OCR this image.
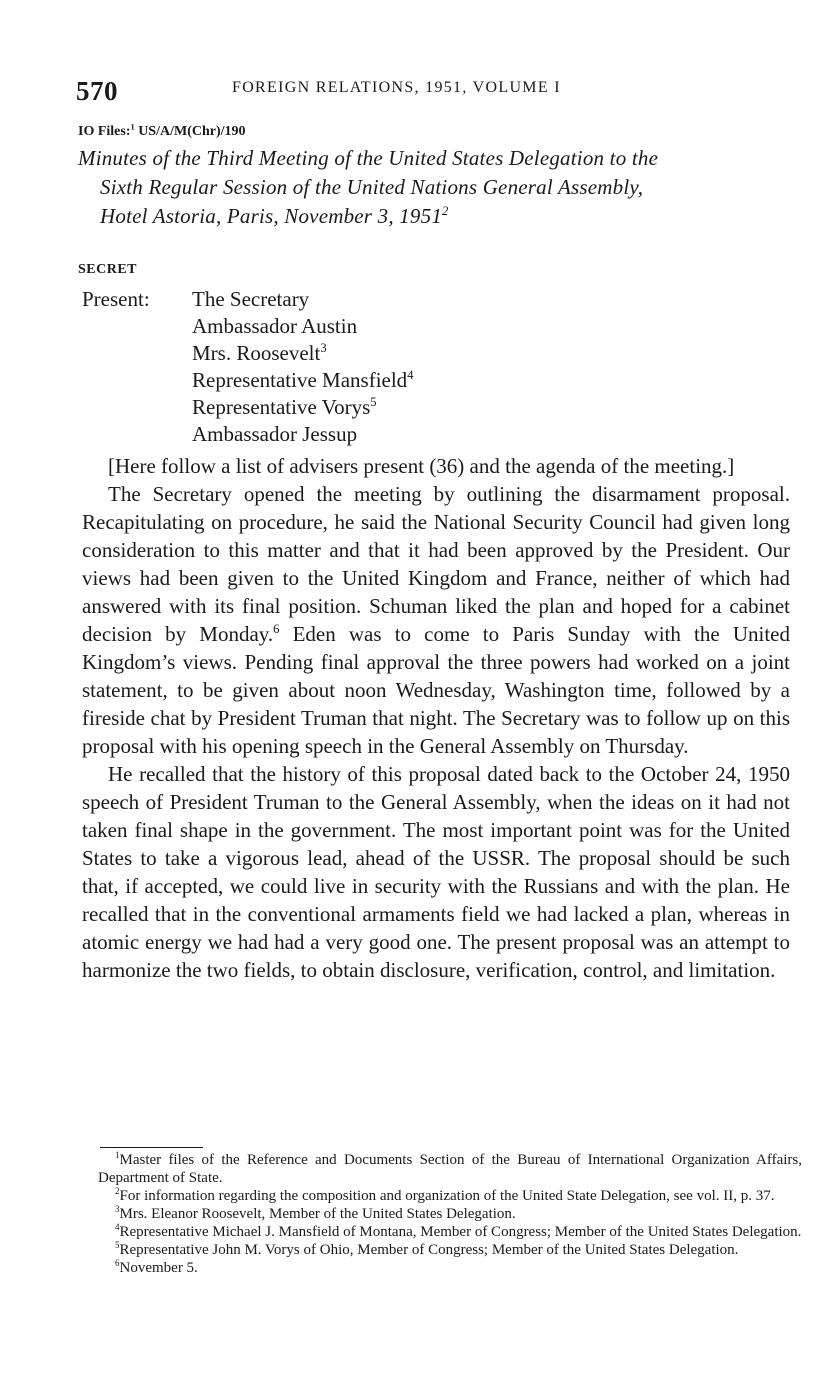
570	FOREIGN RELATIONS, 1951, VOLUME I
IO Files:$^1$ US/A/M(Chr)/190
Minutes of the Third Meeting of the United States Delegation to the
Sixth Regular Session of the United Nations General Assembly,
Hotel Astoria, Paris, November 3, 1951$^2$
SECRET
Present: The Secretary
Ambassador Austin
Mrs. Roosevelt$^3$
Representative Mansfield$^4$
Representative Vorys$^5$
Ambassador Jessup

[Here follow a list of advisers present (36) and the agenda of the meeting.]

The Secretary opened the meeting by outlining the disarmament proposal. Recapitulating on procedure, he said the National Security Council had given long consideration to this matter and that it had been approved by the President. Our views had been given to the United Kingdom and France, neither of which had answered with its final position. Schuman liked the plan and hoped for a cabinet decision by Monday.$^6$ Eden was to come to Paris Sunday with the United Kingdom’s views. Pending final approval the three powers had worked on a joint statement, to be given about noon Wednesday, Washington time, followed by a fireside chat by President Truman that night. The Secretary was to follow up on this proposal with his opening speech in the General Assembly on Thursday.

He recalled that the history of this proposal dated back to the October 24, 1950 speech of President Truman to the General Assembly, when the ideas on it had not taken final shape in the government. The most important point was for the United States to take a vigorous lead, ahead of the USSR. The proposal should be such that, if accepted, we could live in security with the Russians and with the plan. He recalled that in the conventional armaments field we had lacked a plan, whereas in atomic energy we had had a very good one. The present proposal was an attempt to harmonize the two fields, to obtain disclosure, verification, control, and limitation.

$^1$Master files of the Reference and Documents Section of the Bureau of International Organization Affairs, Department of State.

$^2$For information regarding the composition and organization of the United State Delegation, see vol. II, p. 37.

$^3$Mrs. Eleanor Roosevelt, Member of the United States Delegation.

$^4$Representative Michael J. Mansfield of Montana, Member of Congress; Member of the United States Delegation.

$^5$Representative John M. Vorys of Ohio, Member of Congress; Member of the United States Delegation.

$^6$November 5.
